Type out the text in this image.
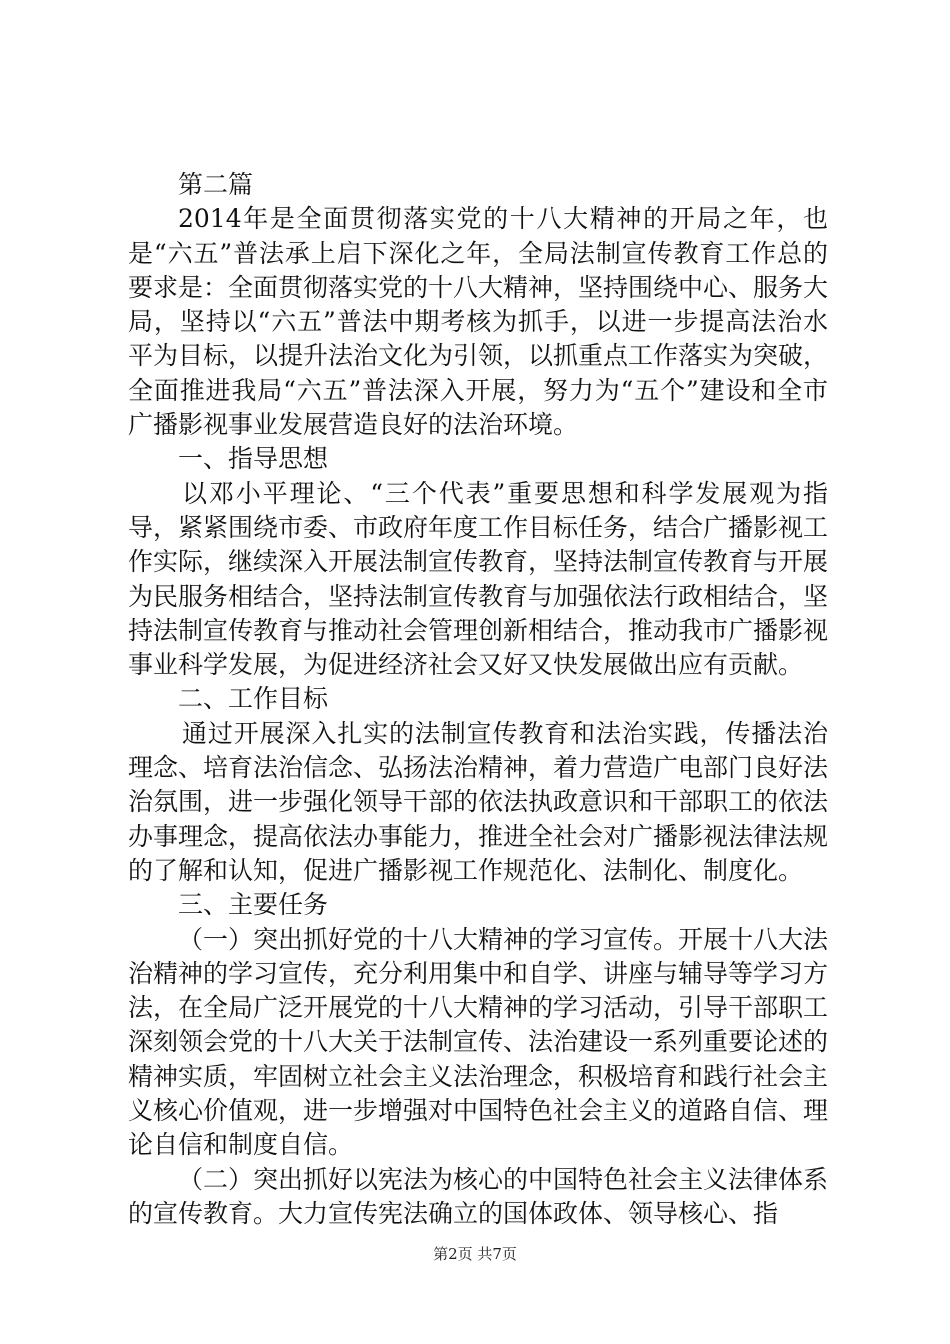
第二篇

2014年是全面贯彻落实党的十八大精神的开局之年，也是“六五”普法承上启下深化之年，全局法制宣传教育工作总的要求是：全面贯彻落实党的十八大精神，坚持围绕中心、服务大局，坚持以“六五”普法中期考核为抓手，以进一步提高法治水平为目标，以提升法治文化为引领，以抓重点工作落实为突破，全面推进我局“六五”普法深入开展，努力为“五个”建设和全市广播影视事业发展营造良好的法治环境。

一、指导思想

以邓小平理论、“三个代表”重要思想和科学发展观为指导，紧紧围绕市委、市政府年度工作目标任务，结合广播影视工作实际，继续深入开展法制宣传教育，坚持法制宣传教育与开展为民服务相结合，坚持法制宣传教育与加强依法行政相结合，坚持法制宣传教育与推动社会管理创新相结合，推动我市广播影视事业科学发展，为促进经济社会又好又快发展做出应有贡献。

二、工作目标

通过开展深入扎实的法制宣传教育和法治实践，传播法治理念、培育法治信念、弘扬法治精神，着力营造广电部门良好法治氛围，进一步强化领导干部的依法执政意识和干部职工的依法办事理念，提高依法办事能力，推进全社会对广播影视法律法规的了解和认知，促进广播影视工作规范化、法制化、制度化。

三、主要任务

（一）突出抓好党的十八大精神的学习宣传。开展十八大法治精神的学习宣传，充分利用集中和自学、讲座与辅导等学习方法，在全局广泛开展党的十八大精神的学习活动，引导干部职工深刻领会党的十八大关于法制宣传、法治建设一系列重要论述的精神实质，牢固树立社会主义法治理念，积极培育和践行社会主义核心价值观，进一步增强对中国特色社会主义的道路自信、理论自信和制度自信。

（二）突出抓好以宪法为核心的中国特色社会主义法律体系的宣传教育。大力宣传宪法确立的国体政体、领导核心、指

第2页 共7页
